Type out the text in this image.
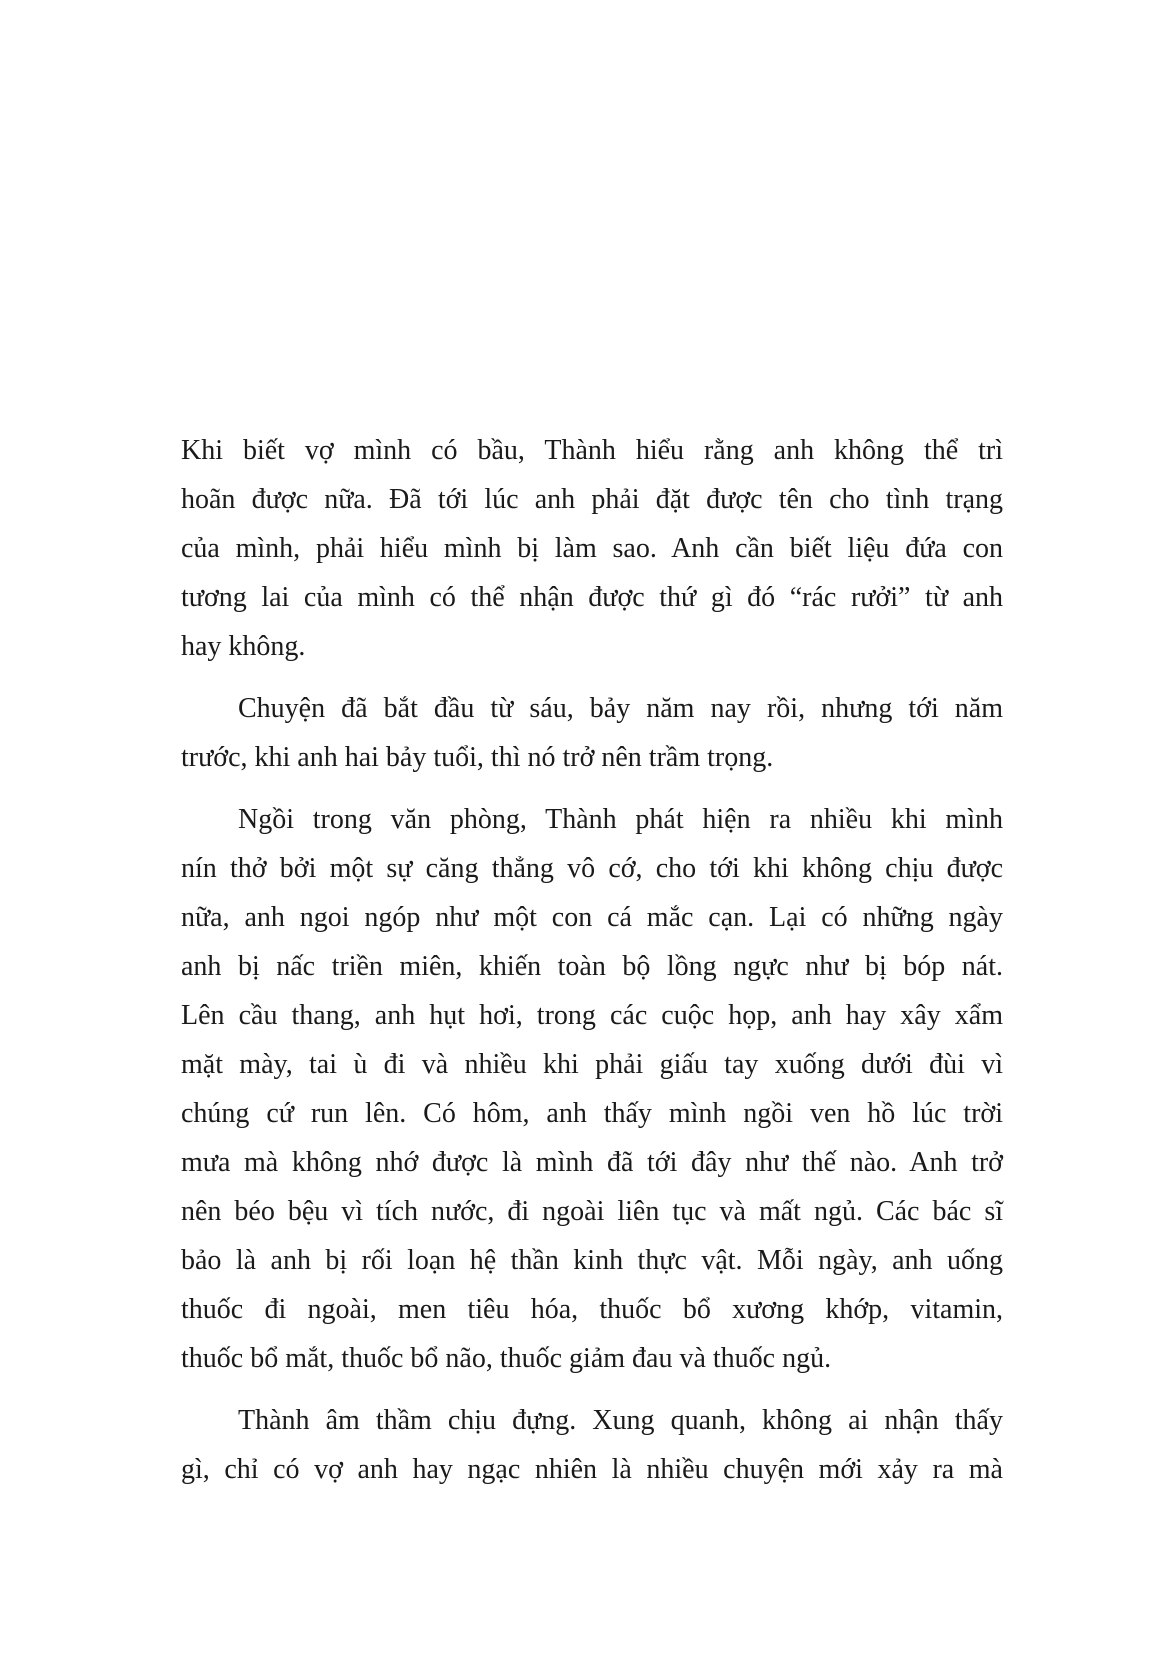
Khi biết vợ mình có bầu, Thành hiểu rằng anh không thể trì
hoãn được nữa. Đã tới lúc anh phải đặt được tên cho tình trạng
của mình, phải hiểu mình bị làm sao. Anh cần biết liệu đứa con
tương lai của mình có thể nhận được thứ gì đó “rác rưởi” từ anh
hay không.
Chuyện đã bắt đầu từ sáu, bảy năm nay rồi, nhưng tới năm
trước, khi anh hai bảy tuổi, thì nó trở nên trầm trọng.
Ngồi trong văn phòng, Thành phát hiện ra nhiều khi mình
nín thở bởi một sự căng thẳng vô cớ, cho tới khi không chịu được
nữa, anh ngoi ngóp như một con cá mắc cạn. Lại có những ngày
anh bị nấc triền miên, khiến toàn bộ lồng ngực như bị bóp nát.
Lên cầu thang, anh hụt hơi, trong các cuộc họp, anh hay xây xẩm
mặt mày, tai ù đi và nhiều khi phải giấu tay xuống dưới đùi vì
chúng cứ run lên. Có hôm, anh thấy mình ngồi ven hồ lúc trời
mưa mà không nhớ được là mình đã tới đây như thế nào. Anh trở
nên béo bệu vì tích nước, đi ngoài liên tục và mất ngủ. Các bác sĩ
bảo là anh bị rối loạn hệ thần kinh thực vật. Mỗi ngày, anh uống
thuốc đi ngoài, men tiêu hóa, thuốc bổ xương khớp, vitamin,
thuốc bổ mắt, thuốc bổ não, thuốc giảm đau và thuốc ngủ.
Thành âm thầm chịu đựng. Xung quanh, không ai nhận thấy
gì, chỉ có vợ anh hay ngạc nhiên là nhiều chuyện mới xảy ra mà
